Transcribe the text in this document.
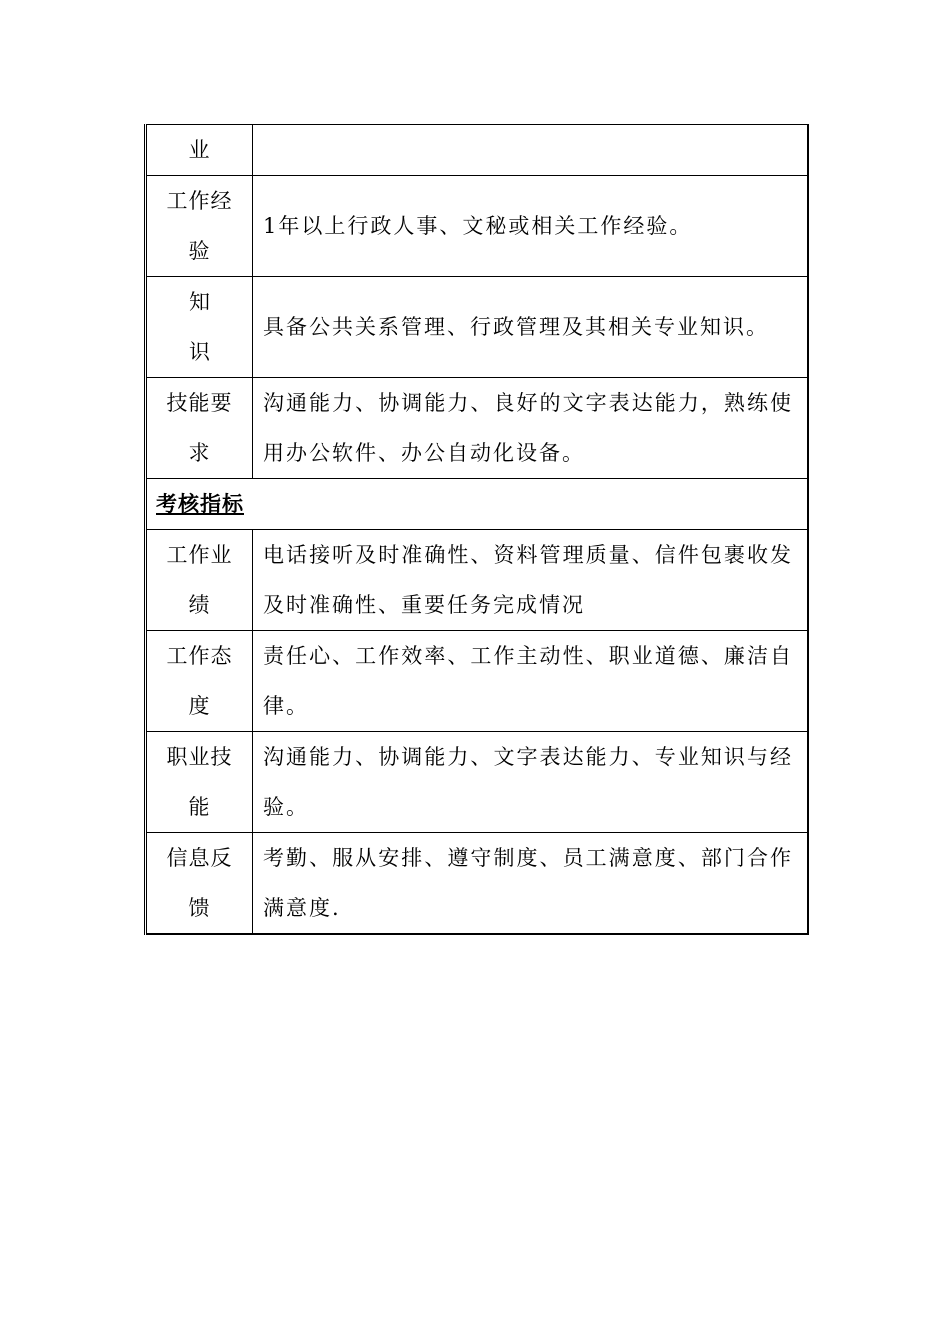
业	

工作经验	1年以上行政人事、文秘或相关工作经验。

知识	具备公共关系管理、行政管理及其相关专业知识。

技能要求	沟通能力、协调能力、良好的文字表达能力，熟练使用办公软件、办公自动化设备。
考核指标	

工作业绩	电话接听及时准确性、资料管理质量、信件包裹收发及时准确性、重要任务完成情况

工作态度	责任心、工作效率、工作主动性、职业道德、廉洁自律。

职业技能	沟通能力、协调能力、文字表达能力、专业知识与经验。

信息反馈	考勤、服从安排、遵守制度、员工满意度、部门合作满意度.
